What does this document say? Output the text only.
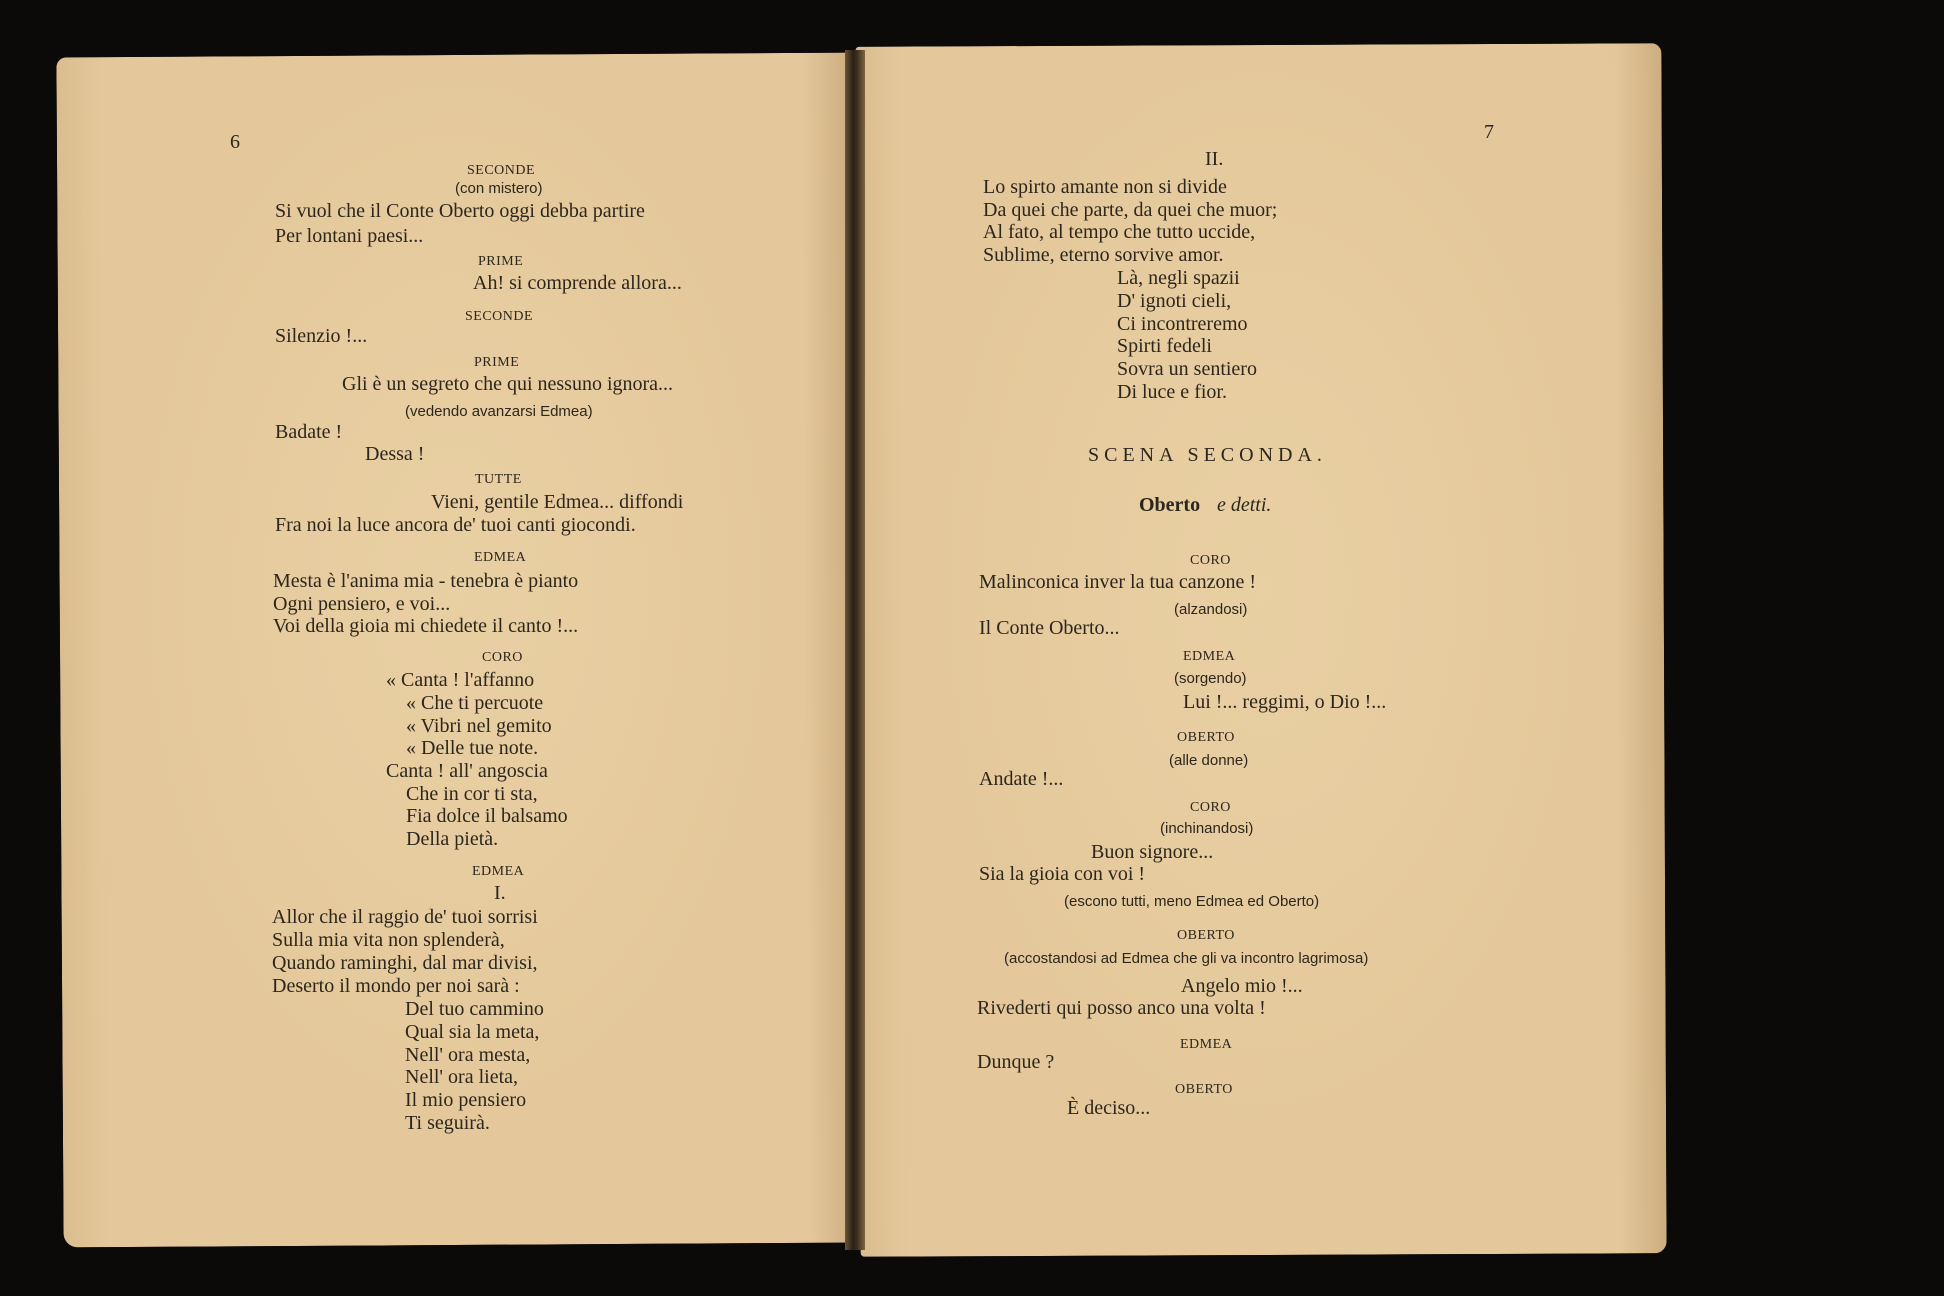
6
SECONDE
(con mistero)
Si vuol che il Conte Oberto oggi debba partire
Per lontani paesi...
PRIME
Ah! si comprende allora...
SECONDE
Silenzio !...
PRIME
Gli è un segreto che qui nessuno ignora...
(vedendo avanzarsi Edmea)
Badate !
Dessa !
TUTTE
Vieni, gentile Edmea... diffondi
Fra noi la luce ancora de' tuoi canti giocondi.
EDMEA
Mesta è l'anima mia - tenebra è pianto
Ogni pensiero, e voi...
Voi della gioia mi chiedete il canto !...
CORO
« Canta ! l'affanno
« Che ti percuote
« Vibri nel gemito
« Delle tue note.
Canta ! all' angoscia
Che in cor ti sta,
Fia dolce il balsamo
Della pietà.
EDMEA
I.
Allor che il raggio de' tuoi sorrisi
Sulla mia vita non splenderà,
Quando raminghi, dal mar divisi,
Deserto il mondo per noi sarà :
Del tuo cammino
Qual sia la meta,
Nell' ora mesta,
Nell' ora lieta,
Il mio pensiero
Ti seguirà.
7
II.
Lo spirto amante non si divide
Da quei che parte, da quei che muor;
Al fato, al tempo che tutto uccide,
Sublime, eterno sorvive amor.
Là, negli spazii
D' ignoti cieli,
Ci incontreremo
Spirti fedeli
Sovra un sentiero
Di luce e fior.
SCENA SECONDA.
Oberto e detti.
CORO
Malinconica inver la tua canzone !
(alzandosi)
Il Conte Oberto...
EDMEA
(sorgendo)
Lui !... reggimi, o Dio !...
OBERTO
(alle donne)
Andate !...
CORO
(inchinandosi)
Buon signore...
Sia la gioia con voi !
(escono tutti, meno Edmea ed Oberto)
OBERTO
(accostandosi ad Edmea che gli va incontro lagrimosa)
Angelo mio !...
Rivederti qui posso anco una volta !
EDMEA
Dunque ?
OBERTO
È deciso...
